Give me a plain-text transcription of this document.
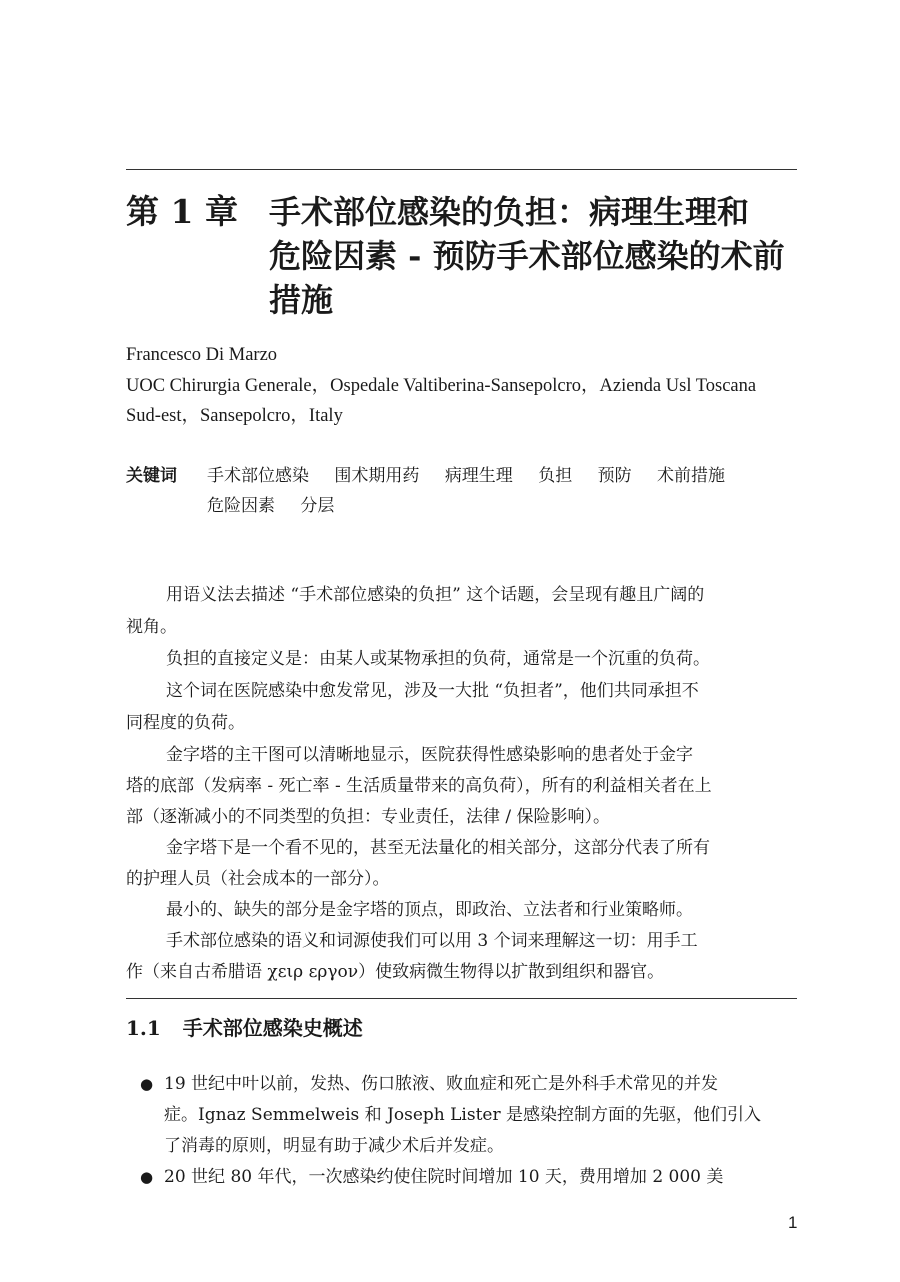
第 1 章 手术部位感染的负担：病理生理和
危险因素 - 预防手术部位感染的术前
措施
Francesco Di Marzo
UOC Chirurgia Generale，Ospedale Valtiberina-Sansepolcro，Azienda Usl Toscana
Sud-est，Sansepolcro，Italy
关键词 手术部位感染 围术期用药 病理生理 负担 预防 术前措施
危险因素 分层
用语义法去描述 “手术部位感染的负担” 这个话题，会呈现有趣且广阔的
视角。
负担的直接定义是：由某人或某物承担的负荷，通常是一个沉重的负荷。
这个词在医院感染中愈发常见，涉及一大批 “负担者”，他们共同承担不
同程度的负荷。
金字塔的主干图可以清晰地显示，医院获得性感染影响的患者处于金字
塔的底部（发病率 - 死亡率 - 生活质量带来的高负荷），所有的利益相关者在上
部（逐渐减小的不同类型的负担：专业责任，法律 / 保险影响）。
金字塔下是一个看不见的，甚至无法量化的相关部分，这部分代表了所有
的护理人员（社会成本的一部分）。
最小的、缺失的部分是金字塔的顶点，即政治、立法者和行业策略师。
手术部位感染的语义和词源使我们可以用 3 个词来理解这一切：用手工
作（来自古希腊语 χειρ εργον）使致病微生物得以扩散到组织和器官。
1.1 手术部位感染史概述
● 19 世纪中叶以前，发热、伤口脓液、败血症和死亡是外科手术常见的并发
症。Ignaz Semmelweis 和 Joseph Lister 是感染控制方面的先驱，他们引入
了消毒的原则，明显有助于减少术后并发症。
● 20 世纪 80 年代，一次感染约使住院时间增加 10 天，费用增加 2 000 美
1
